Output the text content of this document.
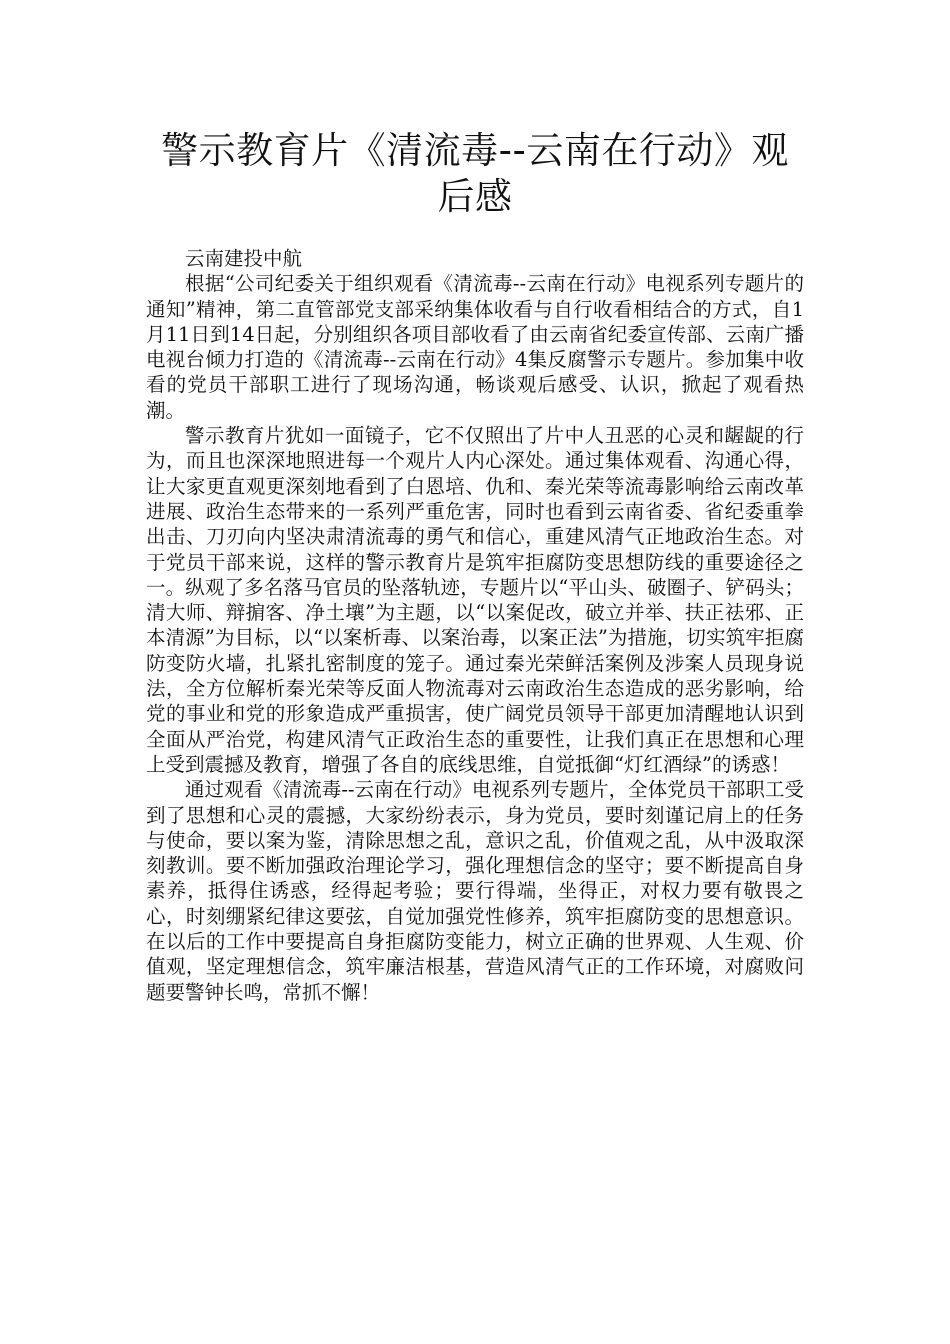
警示教育片《清流毒--云南在行动》观后感

云南建投中航

根据“公司纪委关于组织观看《清流毒--云南在行动》电视系列专题片的通知”精神，第二直管部党支部采纳集体收看与自行收看相结合的方式，自1月11日到14日起，分别组织各项目部收看了由云南省纪委宣传部、云南广播电视台倾力打造的《清流毒--云南在行动》4集反腐警示专题片。参加集中收看的党员干部职工进行了现场沟通，畅谈观后感受、认识，掀起了观看热潮。

警示教育片犹如一面镜子，它不仅照出了片中人丑恶的心灵和龌龊的行为，而且也深深地照进每一个观片人内心深处。通过集体观看、沟通心得，让大家更直观更深刻地看到了白恩培、仇和、秦光荣等流毒影响给云南改革进展、政治生态带来的一系列严重危害，同时也看到云南省委、省纪委重拳出击、刀刃向内坚决肃清流毒的勇气和信心，重建风清气正地政治生态。对于党员干部来说，这样的警示教育片是筑牢拒腐防变思想防线的重要途径之一。纵观了多名落马官员的坠落轨迹，专题片以“平山头、破圈子、铲码头；清大师、辩掮客、净土壤”为主题，以“以案促改，破立并举、扶正祛邪、正本清源”为目标，以“以案析毒、以案治毒，以案正法”为措施，切实筑牢拒腐防变防火墙，扎紧扎密制度的笼子。通过秦光荣鲜活案例及涉案人员现身说法，全方位解析秦光荣等反面人物流毒对云南政治生态造成的恶劣影响，给党的事业和党的形象造成严重损害，使广阔党员领导干部更加清醒地认识到全面从严治党，构建风清气正政治生态的重要性，让我们真正在思想和心理上受到震撼及教育，增强了各自的底线思维，自觉抵御“灯红酒绿”的诱惑！

通过观看《清流毒--云南在行动》电视系列专题片，全体党员干部职工受到了思想和心灵的震撼，大家纷纷表示，身为党员，要时刻谨记肩上的任务与使命，要以案为鉴，清除思想之乱，意识之乱，价值观之乱，从中汲取深刻教训。要不断加强政治理论学习，强化理想信念的坚守；要不断提高自身素养，抵得住诱惑，经得起考验；要行得端，坐得正，对权力要有敬畏之心，时刻绷紧纪律这要弦，自觉加强党性修养，筑牢拒腐防变的思想意识。在以后的工作中要提高自身拒腐防变能力，树立正确的世界观、人生观、价值观，坚定理想信念，筑牢廉洁根基，营造风清气正的工作环境，对腐败问题要警钟长鸣，常抓不懈！
